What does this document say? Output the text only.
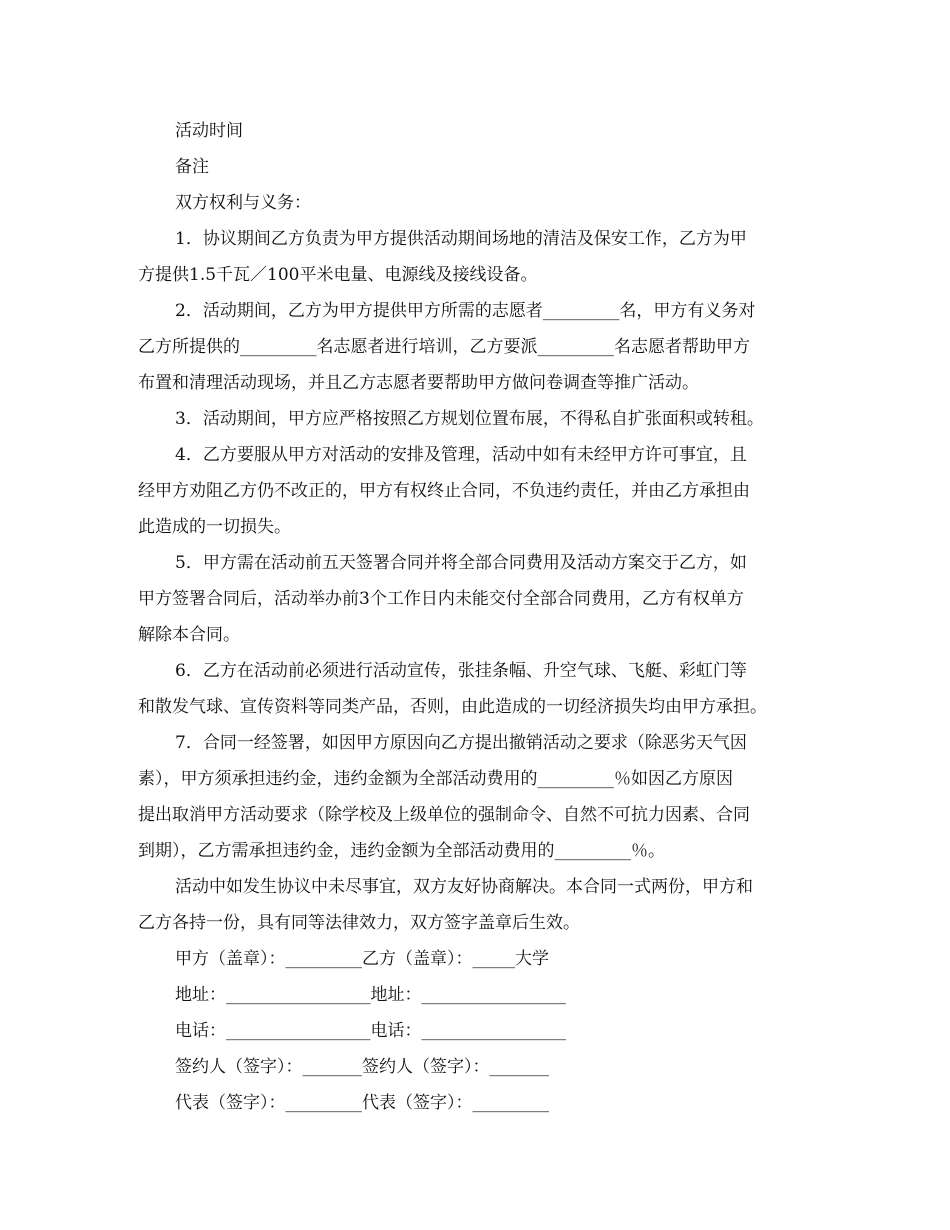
活动时间
备注
双方权利与义务：
1．协议期间乙方负责为甲方提供活动期间场地的清洁及保安工作，乙方为甲
方提供1.5千瓦／100平米电量、电源线及接线设备。
2．活动期间，乙方为甲方提供甲方所需的志愿者_________名，甲方有义务对
乙方所提供的_________名志愿者进行培训，乙方要派_________名志愿者帮助甲方
布置和清理活动现场，并且乙方志愿者要帮助甲方做问卷调查等推广活动。
3．活动期间，甲方应严格按照乙方规划位置布展，不得私自扩张面积或转租。
4．乙方要服从甲方对活动的安排及管理，活动中如有未经甲方许可事宜，且
经甲方劝阻乙方仍不改正的，甲方有权终止合同，不负违约责任，并由乙方承担由
此造成的一切损失。
5．甲方需在活动前五天签署合同并将全部合同费用及活动方案交于乙方，如
甲方签署合同后，活动举办前3个工作日内未能交付全部合同费用，乙方有权单方
解除本合同。
6．乙方在活动前必须进行活动宣传，张挂条幅、升空气球、飞艇、彩虹门等
和散发气球、宣传资料等同类产品，否则，由此造成的一切经济损失均由甲方承担。
7．合同一经签署，如因甲方原因向乙方提出撤销活动之要求（除恶劣天气因
素），甲方须承担违约金，违约金额为全部活动费用的_________％如因乙方原因
提出取消甲方活动要求（除学校及上级单位的强制命令、自然不可抗力因素、合同
到期），乙方需承担违约金，违约金额为全部活动费用的_________％。
活动中如发生协议中未尽事宜，双方友好协商解决。本合同一式两份，甲方和
乙方各持一份，具有同等法律效力，双方签字盖章后生效。
甲方（盖章）：_________乙方（盖章）：_____大学
地址：_________________地址：_________________
电话：_________________电话：_________________
签约人（签字）：_______签约人（签字）：_______
代表（签字）：_________代表（签字）：_________
